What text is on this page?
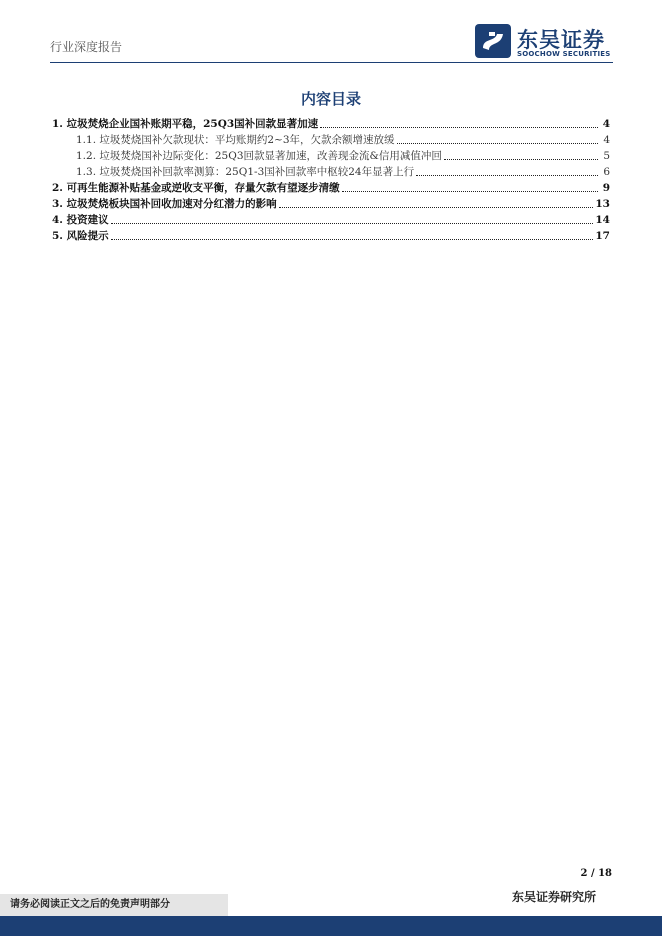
行业深度报告	东吴证券
SOOCHOW SECURITIES
内容目录
1. 垃圾焚烧企业国补账期平稳，25Q3国补回款显著加速	4
1.1. 垃圾焚烧国补欠款现状：平均账期约2~3年，欠款余额增速放缓	4
1.2. 垃圾焚烧国补边际变化：25Q3回款显著加速，改善现金流&信用减值冲回	5
1.3. 垃圾焚烧国补回款率测算：25Q1-3国补回款率中枢较24年显著上行	6
2. 可再生能源补贴基金或逆收支平衡，存量欠款有望逐步清缴	9
3. 垃圾焚烧板块国补回收加速对分红潜力的影响	13
4. 投资建议	14
5. 风险提示	17
2 / 18
东吴证券研究所
请务必阅读正文之后的免责声明部分
